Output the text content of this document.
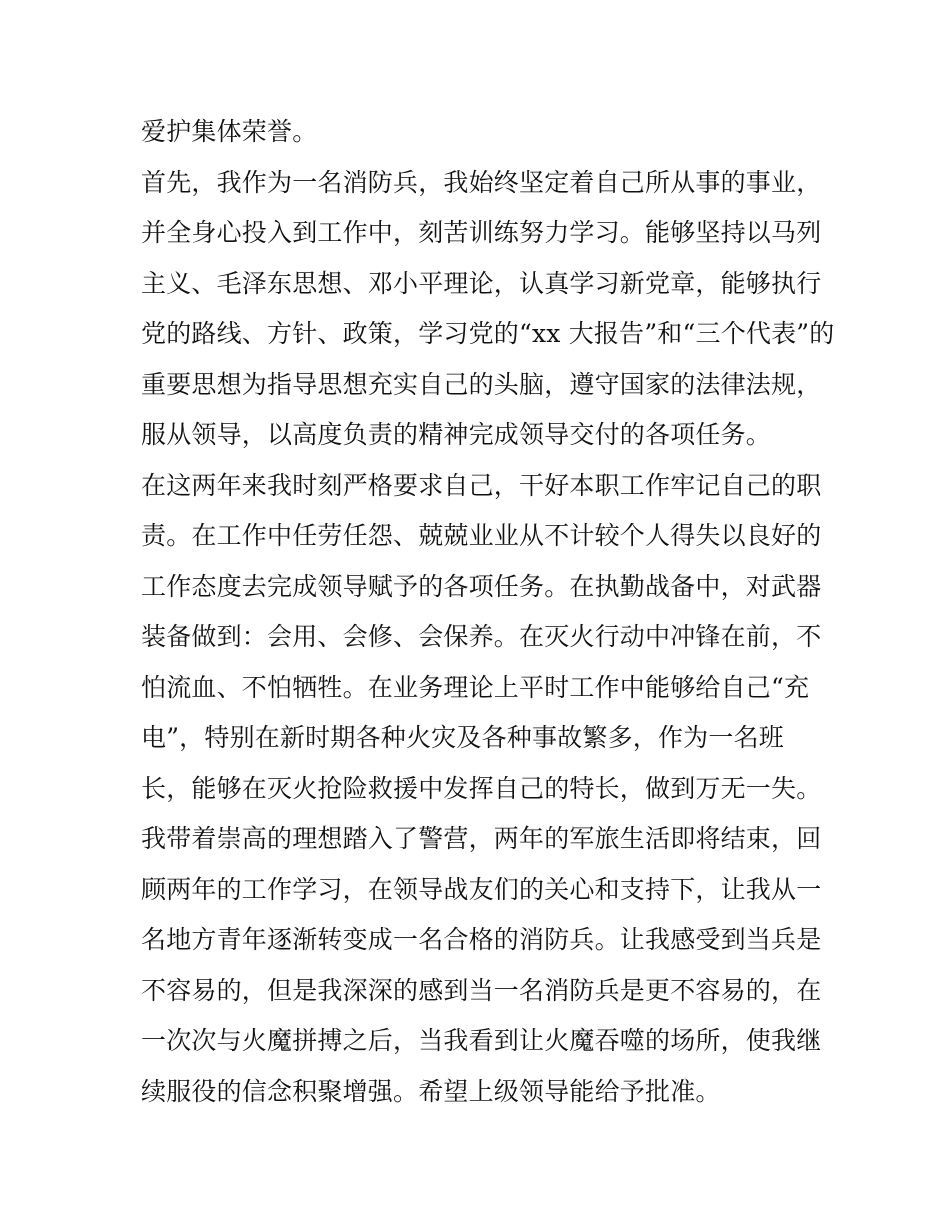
爱护集体荣誉。
首先，我作为一名消防兵，我始终坚定着自己所从事的事业，
并全身心投入到工作中，刻苦训练努力学习。能够坚持以马列
主义、毛泽东思想、邓小平理论，认真学习新党章，能够执行
党的路线、方针、政策，学习党的“xx 大报告”和“三个代表”的
重要思想为指导思想充实自己的头脑，遵守国家的法律法规，
服从领导，以高度负责的精神完成领导交付的各项任务。
在这两年来我时刻严格要求自己，干好本职工作牢记自己的职
责。在工作中任劳任怨、兢兢业业从不计较个人得失以良好的
工作态度去完成领导赋予的各项任务。在执勤战备中，对武器
装备做到：会用、会修、会保养。在灭火行动中冲锋在前，不
怕流血、不怕牺牲。在业务理论上平时工作中能够给自己“充
电”，特别在新时期各种火灾及各种事故繁多，作为一名班
长，能够在灭火抢险救援中发挥自己的特长，做到万无一失。
我带着崇高的理想踏入了警营，两年的军旅生活即将结束，回
顾两年的工作学习，在领导战友们的关心和支持下，让我从一
名地方青年逐渐转变成一名合格的消防兵。让我感受到当兵是
不容易的，但是我深深的感到当一名消防兵是更不容易的，在
一次次与火魔拼搏之后，当我看到让火魔吞噬的场所，使我继
续服役的信念积聚增强。希望上级领导能给予批准。
